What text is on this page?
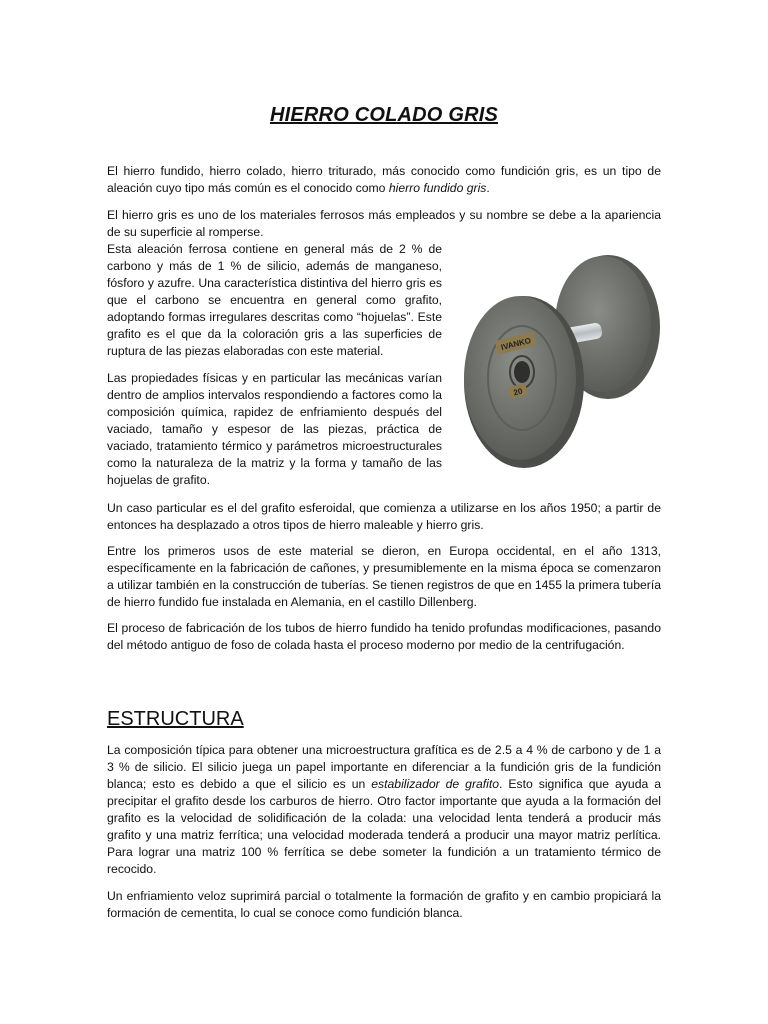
HIERRO COLADO GRIS

El hierro fundido, hierro colado, hierro triturado, más conocido como fundición gris, es un tipo de aleación cuyo tipo más común es el conocido como hierro fundido gris.

El hierro gris es uno de los materiales ferrosos más empleados y su nombre se debe a la apariencia de su superficie al romperse.

Esta aleación ferrosa contiene en general más de 2 % de carbono y más de 1 % de silicio, además de manganeso, fósforo y azufre. Una característica distintiva del hierro gris es que el carbono se encuentra en general como grafito, adoptando formas irregulares descritas como “hojuelas”. Este grafito es el que da la coloración gris a las superficies de ruptura de las piezas elaboradas con este material.

Las propiedades físicas y en particular las mecánicas varían dentro de amplios intervalos respondiendo a factores como la composición química, rapidez de enfriamiento después del vaciado, tamaño y espesor de las piezas, práctica de vaciado, tratamiento térmico y parámetros microestructurales como la naturaleza de la matriz y la forma y tamaño de las hojuelas de grafito.

Un caso particular es el del grafito esferoidal, que comienza a utilizarse en los años 1950; a partir de entonces ha desplazado a otros tipos de hierro maleable y hierro gris.

Entre los primeros usos de este material se dieron, en Europa occidental, en el año 1313, específicamente en la fabricación de cañones, y presumiblemente en la misma época se comenzaron a utilizar también en la construcción de tuberías. Se tienen registros de que en 1455 la primera tubería de hierro fundido fue instalada en Alemania, en el castillo Dillenberg.

El proceso de fabricación de los tubos de hierro fundido ha tenido profundas modificaciones, pasando del método antiguo de foso de colada hasta el proceso moderno por medio de la centrifugación.

ESTRUCTURA

La composición típica para obtener una microestructura grafítica es de 2.5 a 4 % de carbono y de 1 a 3 % de silicio. El silicio juega un papel importante en diferenciar a la fundición gris de la fundición blanca; esto es debido a que el silicio es un estabilizador de grafito. Esto significa que ayuda a precipitar el grafito desde los carburos de hierro. Otro factor importante que ayuda a la formación del grafito es la velocidad de solidificación de la colada: una velocidad lenta tenderá a producir más grafito y una matriz ferrítica; una velocidad moderada tenderá a producir una mayor matriz perlítica. Para lograr una matriz 100 % ferrítica se debe someter la fundición a un tratamiento térmico de recocido.

Un enfriamiento veloz suprimirá parcial o totalmente la formación de grafito y en cambio propiciará la formación de cementita, lo cual se conoce como fundición blanca.

IVANKO
20
